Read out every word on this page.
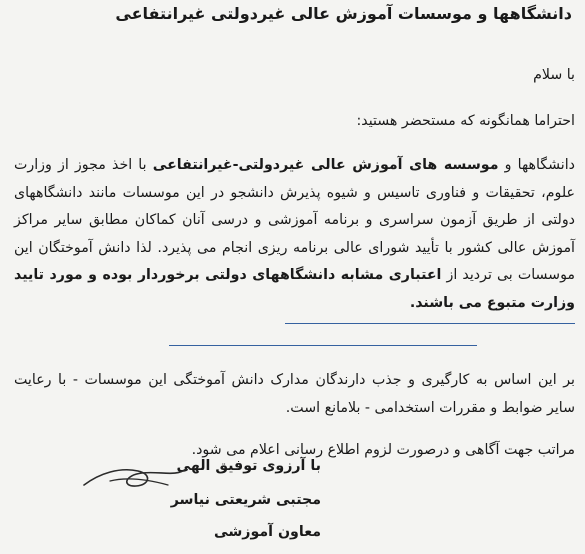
دانشگاهها و موسسات آموزش عالی غیردولتی غیرانتفاعی
با سلام
احتراما همانگونه که مستحضر هستید:

دانشگاهها و موسسه های آموزش عالی غیردولتی-غیرانتفاعی با اخذ مجوز از وزارت علوم، تحقیقات و فناوری تاسیس و شیوه پذیرش دانشجو در این موسسات مانند دانشگاههای دولتی از طریق آزمون سراسری و برنامه آموزشی و درسی آنان کماکان مطابق سایر مراکز آموزش عالی کشور با تأیید شورای عالی برنامه ریزی انجام می پذیرد. لذا دانش آموختگان این موسسات بی تردید از اعتباری مشابه دانشگاههای دولتی برخوردار بوده و مورد تایید وزارت متبوع می باشند.

بر این اساس به کارگیری و جذب دارندگان مدارک دانش آموختگی این موسسات - با رعایت سایر ضوابط و مقررات استخدامی - بلامانع است.

مراتب جهت آگاهی و درصورت لزوم اطلاع رسانی اعلام می شود.

با آرزوی توفیق الهی
مجتبی شریعتی نیاسر
معاون آموزشی
